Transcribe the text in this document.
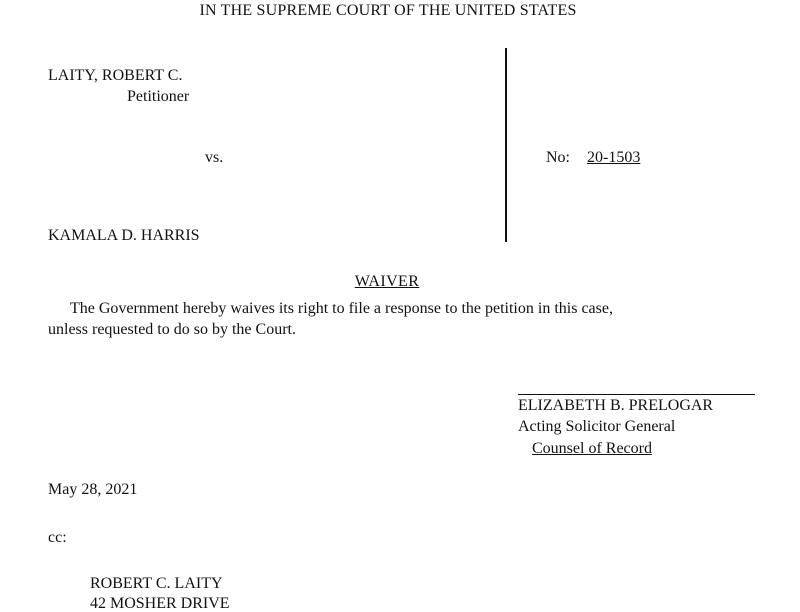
IN THE SUPREME COURT OF THE UNITED STATES
LAITY, ROBERT C.
Petitioner
vs.
KAMALA D. HARRIS
No: 20-1503
WAIVER
The Government hereby waives its right to file a response to the petition in this case,
unless requested to do so by the Court.
ELIZABETH B. PRELOGAR
Acting Solicitor General
Counsel of Record
May 28, 2021
cc:
ROBERT C. LAITY
42 MOSHER DRIVE
